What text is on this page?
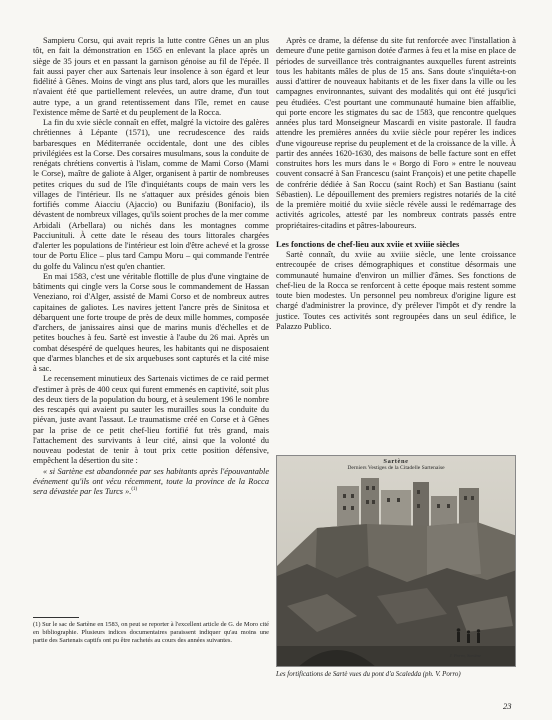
Sampieru Corsu, qui avait repris la lutte contre Gênes un an plus tôt, en fait la démonstration en 1565 en enlevant la place après un siège de 35 jours et en passant la garnison génoise au fil de l'épée. Il fait aussi payer cher aux Sartenais leur insolence à son égard et leur fidélité à Gênes. Moins de vingt ans plus tard, alors que les murailles n'avaient été que partiellement relevées, un autre drame, d'un tout autre type, a un grand retentissement dans l'île, remet en cause l'existence même de Sartè et du peuplement de la Rocca.

La fin du xvie siècle connaît en effet, malgré la victoire des galères chrétiennes à Lépante (1571), une recrudescence des raids barbaresques en Méditerranée occidentale, dont une des cibles privilégiées est la Corse. Des corsaires musulmans, sous la conduite de renégats chrétiens convertis à l'islam, comme de Mami Corso (Mami le Corse), maître de galiote à Alger, organisent à partir de nombreuses petites criques du sud de l'île d'inquiétants coups de main vers les villages de l'intérieur. Ils ne s'attaquer aux présides génois bien fortifiés comme Aiacciu (Ajaccio) ou Bunifaziu (Bonifacio), ils dévastent de nombreux villages, qu'ils soient proches de la mer comme Arbidali (Arbellara) ou nichés dans les montagnes comme Pacciunituli. À cette date le réseau des tours littorales chargées d'alerter les populations de l'intérieur est loin d'être achevé et la grosse tour de Portu Elice – plus tard Campu Moru – qui commande l'entrée du golfe du Valincu n'est qu'en chantier.

En mai 1583, c'est une véritable flottille de plus d'une vingtaine de bâtiments qui cingle vers la Corse sous le commandement de Hassan Veneziano, roi d'Alger, assisté de Mami Corso et de nombreux autres capitaines de galiotes. Les navires jettent l'ancre près de Sinitosa et débarquent une forte troupe de près de deux mille hommes, composée d'archers, de janissaires ainsi que de marins munis d'échelles et de petites bouches à feu. Sartè est investie à l'aube du 26 mai. Après un combat désespéré de quelques heures, les habitants qui ne disposaient que d'armes blanches et de six arquebuses sont capturés et la cité mise à sac.

Le recensement minutieux des Sartenais victimes de ce raid permet d'estimer à près de 400 ceux qui furent emmenés en captivité, soit plus des deux tiers de la population du bourg, et à seulement 196 le nombre des rescapés qui avaient pu sauter les murailles sous la conduite du piévan, juste avant l'assaut. Le traumatisme créé en Corse et à Gênes par la prise de ce petit chef-lieu fortifié fut très grand, mais l'attachement des survivants à leur cité, ainsi que la volonté du nouveau podestat de tenir à tout prix cette position défensive, empêchent la désertion du site :

« si Sartène est abandonnée par ses habitants après l'épouvantable événement qu'ils ont vécu récemment, toute la province de la Rocca sera dévastée par les Turcs ».$^{(1)}$

(1) Sur le sac de Sartène en 1583, on peut se reporter à l'excellent article de G. de Moro cité en bibliographie. Plusieurs indices documentaires paraissent indiquer qu'au moins une partie des Sartenais captifs ont pu être rachetés au cours des années suivantes.

Après ce drame, la défense du site fut renforcée avec l'installation à demeure d'une petite garnison dotée d'armes à feu et la mise en place de périodes de surveillance très contraignantes auxquelles furent astreints tous les habitants mâles de plus de 15 ans. Sans doute s'inquiéta-t-on aussi d'attirer de nouveaux habitants et de les fixer dans la ville ou les campagnes environnantes, suivant des modalités qui ont été jusqu'ici peu étudiées. C'est pourtant une communauté humaine bien affaiblie, qui porte encore les stigmates du sac de 1583, que rencontre quelques années plus tard Monseigneur Mascardi en visite pastorale. Il faudra attendre les premières années du xviie siècle pour repérer les indices d'une vigoureuse reprise du peuplement et de la croissance de la ville. À partir des années 1620-1630, des maisons de belle facture sont en effet construites hors les murs dans le « Borgo di Foro » entre le nouveau couvent consacré à San Francescu (saint François) et une petite chapelle de confrérie dédiée à San Roccu (saint Roch) et San Bastianu (saint Sébastien). Le dépouillement des premiers registres notariés de la cité de la première moitié du xviie siècle révèle aussi le redémarrage des activités agricoles, attesté par les nombreux contrats passés entre propriétaires-citadins et pâtres-laboureurs.

Les fonctions de chef-lieu aux xviie et xviiie siècles

Sartè connaît, du xviie au xviiie siècle, une lente croissance entrecoupée de crises démographiques et constitue désormais une communauté humaine d'environ un millier d'âmes. Ses fonctions de chef-lieu de la Rocca se renforcent à cette époque mais restent somme toute bien modestes. Un personnel peu nombreux d'origine ligure est chargé d'administrer la province, d'y prélever l'impôt et d'y rendre la justice. Toutes ces activités sont regroupées dans un seul édifice, le Palazzo Publico.

Sartène
Derniers Vestiges de la Citadelle Sartenaise
J. Porro, Sartène
Les fortifications de Sartè vues du pont d'a Scaledda (ph. V. Porro)
23
